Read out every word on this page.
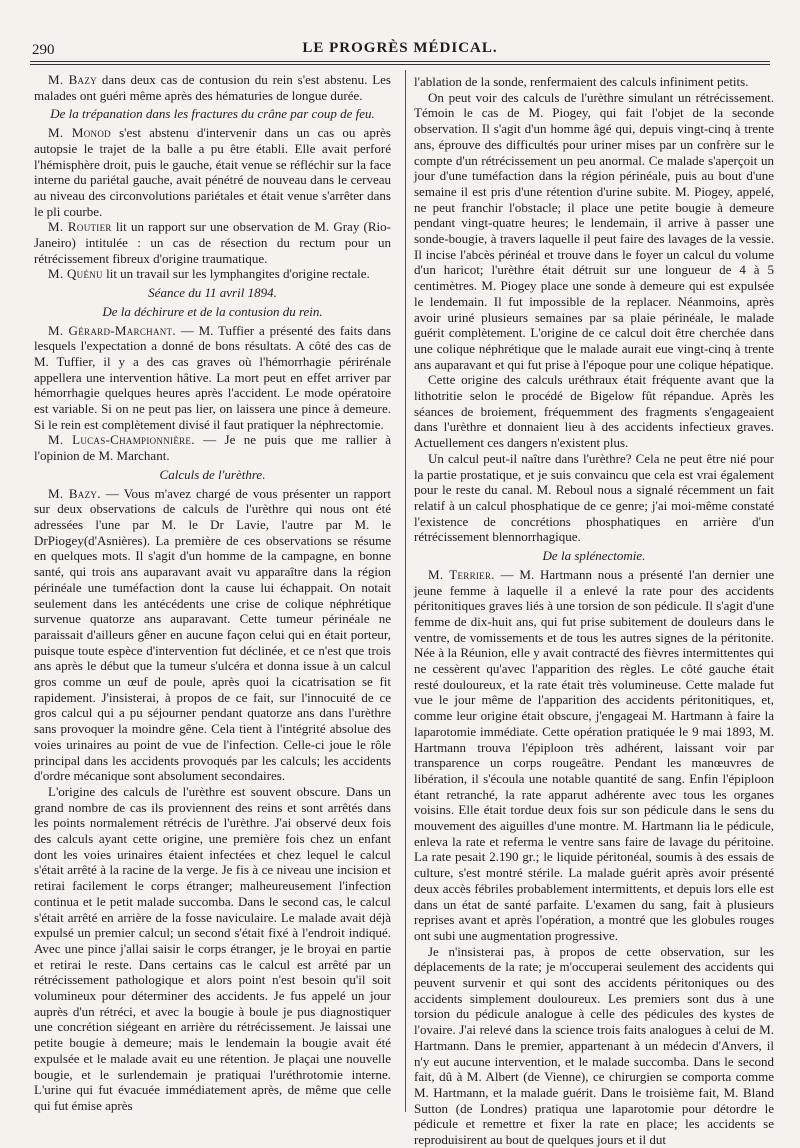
290	LE PROGRÈS MÉDICAL.

M. Bazy dans deux cas de contusion du rein s'est abstenu. Les malades ont guéri même après des hématuries de longue durée.

De la trépanation dans les fractures du crâne par coup de feu.

M. Monod s'est abstenu d'intervenir dans un cas ou après autopsie le trajet de la balle a pu être établi. Elle avait perforé l'hémisphère droit, puis le gauche, était venue se réfléchir sur la face interne du pariétal gauche, avait pénétré de nouveau dans le cerveau au niveau des circonvolutions pariétales et était venue s'arrêter dans le pli courbe.

M. Routier lit un rapport sur une observation de M. Gray (Rio-Janeiro) intitulée : un cas de résection du rectum pour un rétrécissement fibreux d'origine traumatique.

M. Quénu lit un travail sur les lymphangites d'origine rectale.

Séance du 11 avril 1894.

De la déchirure et de la contusion du rein.

M. Gérard-Marchant. — M. Tuffier a présenté des faits dans lesquels l'expectation a donné de bons résultats. A côté des cas de M. Tuffier, il y a des cas graves où l'hémorrhagie périrénale appellera une intervention hâtive. La mort peut en effet arriver par hémorrhagie quelques heures après l'accident. Le mode opératoire est variable. Si on ne peut pas lier, on laissera une pince à demeure. Si le rein est complètement divisé il faut pratiquer la néphrectomie.

M. Lucas-Championnière. — Je ne puis que me rallier à l'opinion de M. Marchant.

Calculs de l'urèthre.

M. Bazy. — Vous m'avez chargé de vous présenter un rapport sur deux observations de calculs de l'urèthre qui nous ont été adressées l'une par M. le Dr Lavie, l'autre par M. le DrPiogey(d'Asnières). La première de ces observations se résume en quelques mots. Il s'agit d'un homme de la campagne, en bonne santé, qui trois ans auparavant avait vu apparaître dans la région périnéale une tuméfaction dont la cause lui échappait. On notait seulement dans les antécédents une crise de colique néphrétique survenue quatorze ans auparavant. Cette tumeur périnéale ne paraissait d'ailleurs gêner en aucune façon celui qui en était porteur, puisque toute espèce d'intervention fut déclinée, et ce n'est que trois ans après le début que la tumeur s'ulcéra et donna issue à un calcul gros comme un œuf de poule, après quoi la cicatrisation se fit rapidement. J'insisterai, à propos de ce fait, sur l'innocuité de ce gros calcul qui a pu séjourner pendant quatorze ans dans l'urèthre sans provoquer la moindre gêne. Cela tient à l'intégrité absolue des voies urinaires au point de vue de l'infection. Celle-ci joue le rôle principal dans les accidents provoqués par les calculs; les accidents d'ordre mécanique sont absolument secondaires.

L'origine des calculs de l'urèthre est souvent obscure. Dans un grand nombre de cas ils proviennent des reins et sont arrêtés dans les points normalement rétrécis de l'urèthre. J'ai observé deux fois des calculs ayant cette origine, une première fois chez un enfant dont les voies urinaires étaient infectées et chez lequel le calcul s'était arrêté à la racine de la verge. Je fis à ce niveau une incision et retirai facilement le corps étranger; malheureusement l'infection continua et le petit malade succomba. Dans le second cas, le calcul s'était arrêté en arrière de la fosse naviculaire. Le malade avait déjà expulsé un premier calcul; un second s'était fixé à l'endroit indiqué. Avec une pince j'allai saisir le corps étranger, je le broyai en partie et retirai le reste. Dans certains cas le calcul est arrêté par un rétrécissement pathologique et alors point n'est besoin qu'il soit volumineux pour déterminer des accidents. Je fus appelé un jour auprès d'un rétréci, et avec la bougie à boule je pus diagnostiquer une concrétion siégeant en arrière du rétrécissement. Je laissai une petite bougie à demeure; mais le lendemain la bougie avait été expulsée et le malade avait eu une rétention. Je plaçai une nouvelle bougie, et le surlendemain je pratiquai l'uréthrotomie interne. L'urine qui fut évacuée immédiatement après, de même que celle qui fut émise après

l'ablation de la sonde, renfermaient des calculs infiniment petits.

On peut voir des calculs de l'urèthre simulant un rétrécissement. Témoin le cas de M. Piogey, qui fait l'objet de la seconde observation. Il s'agit d'un homme âgé qui, depuis vingt-cinq à trente ans, éprouve des difficultés pour uriner mises par un confrère sur le compte d'un rétrécissement un peu anormal. Ce malade s'aperçoit un jour d'une tuméfaction dans la région périnéale, puis au bout d'une semaine il est pris d'une rétention d'urine subite. M. Piogey, appelé, ne peut franchir l'obstacle; il place une petite bougie à demeure pendant vingt-quatre heures; le lendemain, il arrive à passer une sonde-bougie, à travers laquelle il peut faire des lavages de la vessie. Il incise l'abcès périnéal et trouve dans le foyer un calcul du volume d'un haricot; l'urèthre était détruit sur une longueur de 4 à 5 centimètres. M. Piogey place une sonde à demeure qui est expulsée le lendemain. Il fut impossible de la replacer. Néanmoins, après avoir uriné plusieurs semaines par sa plaie périnéale, le malade guérit complètement. L'origine de ce calcul doit être cherchée dans une colique néphrétique que le malade aurait eue vingt-cinq à trente ans auparavant et qui fut prise à l'époque pour une colique hépatique.

Cette origine des calculs uréthraux était fréquente avant que la lithotritie selon le procédé de Bigelow fût répandue. Après les séances de broiement, fréquemment des fragments s'engageaient dans l'urèthre et donnaient lieu à des accidents infectieux graves. Actuellement ces dangers n'existent plus.

Un calcul peut-il naître dans l'urèthre? Cela ne peut être nié pour la partie prostatique, et je suis convaincu que cela est vrai également pour le reste du canal. M. Reboul nous a signalé récemment un fait relatif à un calcul phosphatique de ce genre; j'ai moi-même constaté l'existence de concrétions phosphatiques en arrière d'un rétrécissement blennorrhagique.

De la splénectomie.

M. Terrier. — M. Hartmann nous a présenté l'an dernier une jeune femme à laquelle il a enlevé la rate pour des accidents péritonitiques graves liés à une torsion de son pédicule. Il s'agit d'une femme de dix-huit ans, qui fut prise subitement de douleurs dans le ventre, de vomissements et de tous les autres signes de la péritonite. Née à la Réunion, elle y avait contracté des fièvres intermittentes qui ne cessèrent qu'avec l'apparition des règles. Le côté gauche était resté douloureux, et la rate était très volumineuse. Cette malade fut vue le jour même de l'apparition des accidents péritonitiques, et, comme leur origine était obscure, j'engageai M. Hartmann à faire la laparotomie immédiate. Cette opération pratiquée le 9 mai 1893, M. Hartmann trouva l'épiploon très adhérent, laissant voir par transparence un corps rougeâtre. Pendant les manœuvres de libération, il s'écoula une notable quantité de sang. Enfin l'épiploon étant retranché, la rate apparut adhérente avec tous les organes voisins. Elle était tordue deux fois sur son pédicule dans le sens du mouvement des aiguilles d'une montre. M. Hartmann lia le pédicule, enleva la rate et referma le ventre sans faire de lavage du péritoine. La rate pesait 2.190 gr.; le liquide péritonéal, soumis à des essais de culture, s'est montré stérile. La malade guérit après avoir présenté deux accès fébriles probablement intermittents, et depuis lors elle est dans un état de santé parfaite. L'examen du sang, fait à plusieurs reprises avant et après l'opération, a montré que les globules rouges ont subi une augmentation progressive.

Je n'insisterai pas, à propos de cette observation, sur les déplacements de la rate; je m'occuperai seulement des accidents qui peuvent survenir et qui sont des accidents péritoniques ou des accidents simplement douloureux. Les premiers sont dus à une torsion du pédicule analogue à celle des pédicules des kystes de l'ovaire. J'ai relevé dans la science trois faits analogues à celui de M. Hartmann. Dans le premier, appartenant à un médecin d'Anvers, il n'y eut aucune intervention, et le malade succomba. Dans le second fait, dû à M. Albert (de Vienne), ce chirurgien se comporta comme M. Hartmann, et la malade guérit. Dans le troisième fait, M. Bland Sutton (de Londres) pratiqua une laparotomie pour détordre le pédicule et remettre et fixer la rate en place; les accidents se reproduisirent au bout de quelques jours et il dut
